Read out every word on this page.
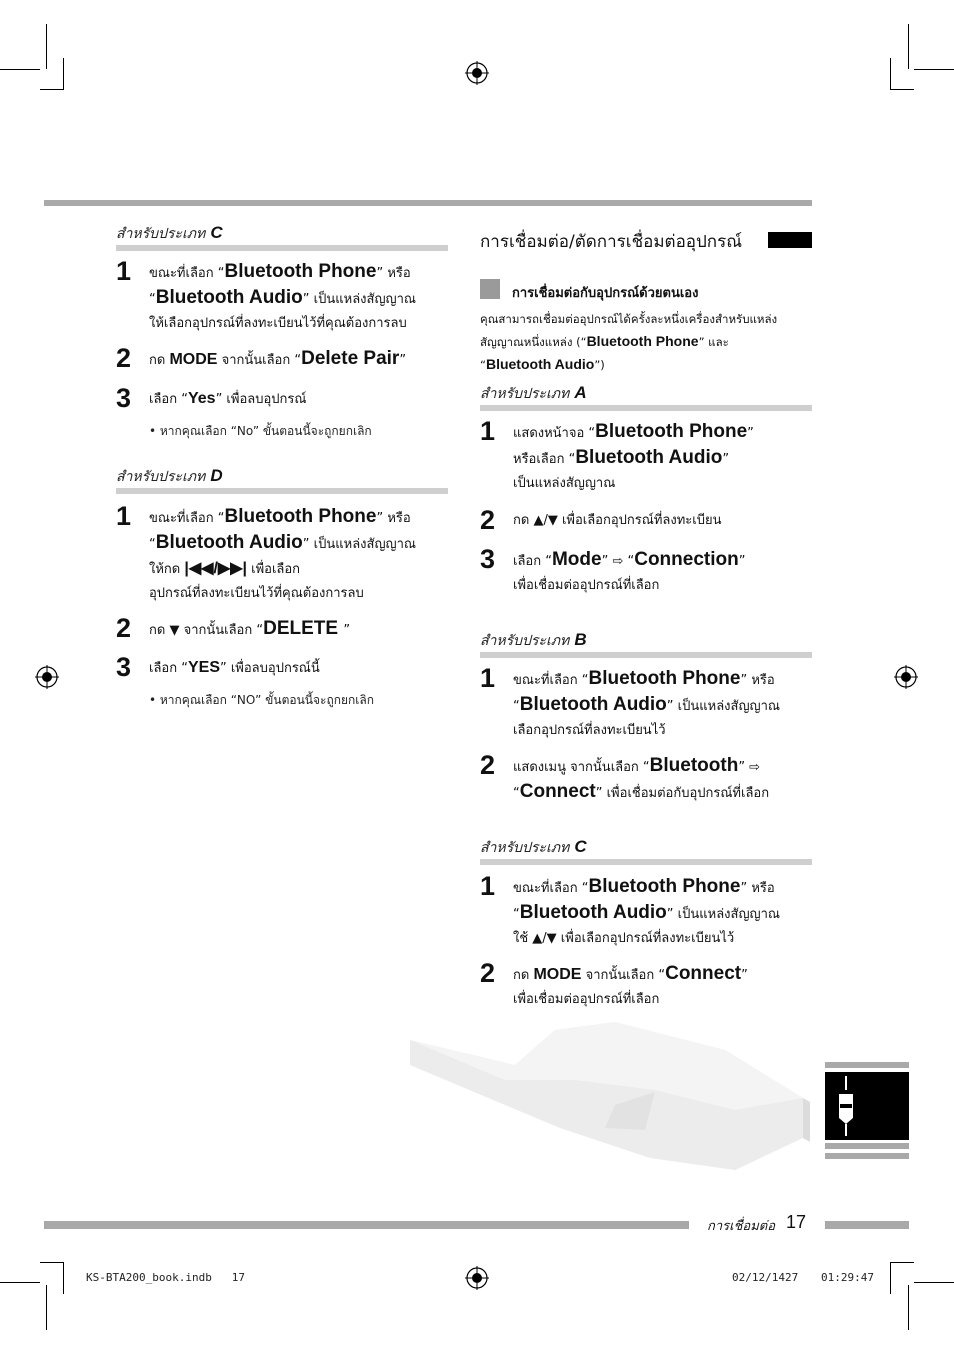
สำหรับประเภท C
1 ขณะที่เลือก “Bluetooth Phone” หรือ
“Bluetooth Audio” เป็นแหล่งสัญญาณ
ให้เลือกอุปกรณ์ที่ลงทะเบียนไว้ที่คุณต้องการลบ
2 กด MODE จากนั้นเลือก “Delete Pair”
3 เลือก “Yes” เพื่อลบอุปกรณ์
• หากคุณเลือก “No” ขั้นตอนนี้จะถูกยกเลิก
สำหรับประเภท D
1 ขณะที่เลือก “Bluetooth Phone” หรือ
“Bluetooth Audio” เป็นแหล่งสัญญาณ
ให้กด |◀◀/▶▶| เพื่อเลือก
อุปกรณ์ที่ลงทะเบียนไว้ที่คุณต้องการลบ
2 กด ▼ จากนั้นเลือก “DELETE ”
3 เลือก “YES” เพื่อลบอุปกรณ์นี้
• หากคุณเลือก “NO” ขั้นตอนนี้จะถูกยกเลิก
การเชื่อมต่อ/ตัดการเชื่อมต่ออุปกรณ์
การเชื่อมต่อกับอุปกรณ์ด้วยตนเอง
คุณสามารถเชื่อมต่ออุปกรณ์ได้ครั้งละหนึ่งเครื่องสำหรับแหล่ง
สัญญาณหนึ่งแหล่ง (“Bluetooth Phone” และ
“Bluetooth Audio”)
สำหรับประเภท A
1 แสดงหน้าจอ “Bluetooth Phone”
หรือเลือก “Bluetooth Audio”
เป็นแหล่งสัญญาณ
2 กด ▲/▼ เพื่อเลือกอุปกรณ์ที่ลงทะเบียน
3 เลือก “Mode” ⇨ “Connection”
เพื่อเชื่อมต่ออุปกรณ์ที่เลือก
สำหรับประเภท B
1 ขณะที่เลือก “Bluetooth Phone” หรือ
“Bluetooth Audio” เป็นแหล่งสัญญาณ
เลือกอุปกรณ์ที่ลงทะเบียนไว้
2 แสดงเมนู จากนั้นเลือก “Bluetooth” ⇨
“Connect” เพื่อเชื่อมต่อกับอุปกรณ์ที่เลือก
สำหรับประเภท C
1 ขณะที่เลือก “Bluetooth Phone” หรือ
“Bluetooth Audio” เป็นแหล่งสัญญาณ
ใช้ ▲/▼ เพื่อเลือกอุปกรณ์ที่ลงทะเบียนไว้
2 กด MODE จากนั้นเลือก “Connect”
เพื่อเชื่อมต่ออุปกรณ์ที่เลือก
การเชื่อมต่อ 17
KS-BTA200_book.indb   17	02/12/1427 01:29:47
